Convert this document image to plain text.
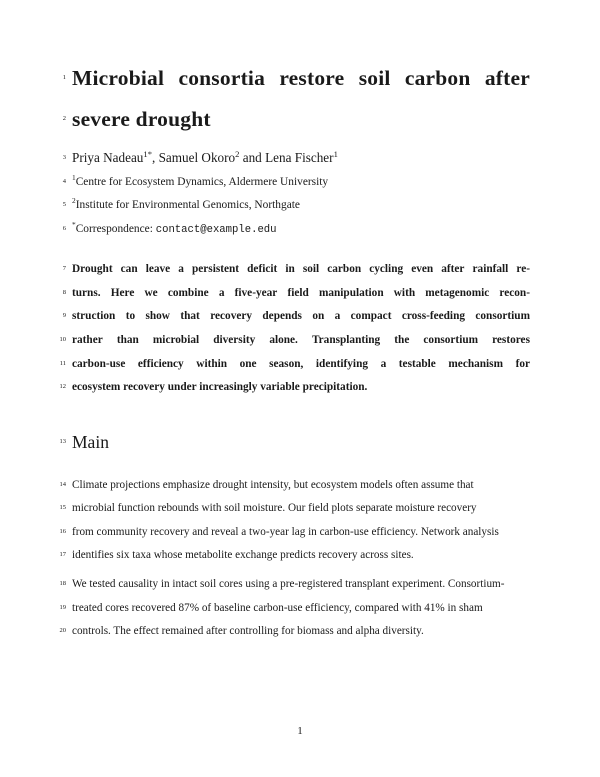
1 Microbial consortia restore soil carbon after
2 severe drought
3 Priya Nadeau$^{1*}$, Samuel Okoro$^2$ and Lena Fischer$^1$
4 $^1$Centre for Ecosystem Dynamics, Aldermere University
5 $^2$Institute for Environmental Genomics, Northgate
6 *Correspondence: contact@example.edu
7 Drought can leave a persistent deficit in soil carbon cycling even after rainfall re-
8 turns. Here we combine a five-year field manipulation with metagenomic recon-
9 struction to show that recovery depends on a compact cross-feeding consortium
10 rather than microbial diversity alone. Transplanting the consortium restores
11 carbon-use efficiency within one season, identifying a testable mechanism for
12 ecosystem recovery under increasingly variable precipitation.
13 Main
14 Climate projections emphasize drought intensity, but ecosystem models often assume that
15 microbial function rebounds with soil moisture. Our field plots separate moisture recovery
16 from community recovery and reveal a two-year lag in carbon-use efficiency. Network analysis
17 identifies six taxa whose metabolite exchange predicts recovery across sites.
18 We tested causality in intact soil cores using a pre-registered transplant experiment. Consortium-
19 treated cores recovered 87% of baseline carbon-use efficiency, compared with 41% in sham
20 controls. The effect remained after controlling for biomass and alpha diversity.
1
